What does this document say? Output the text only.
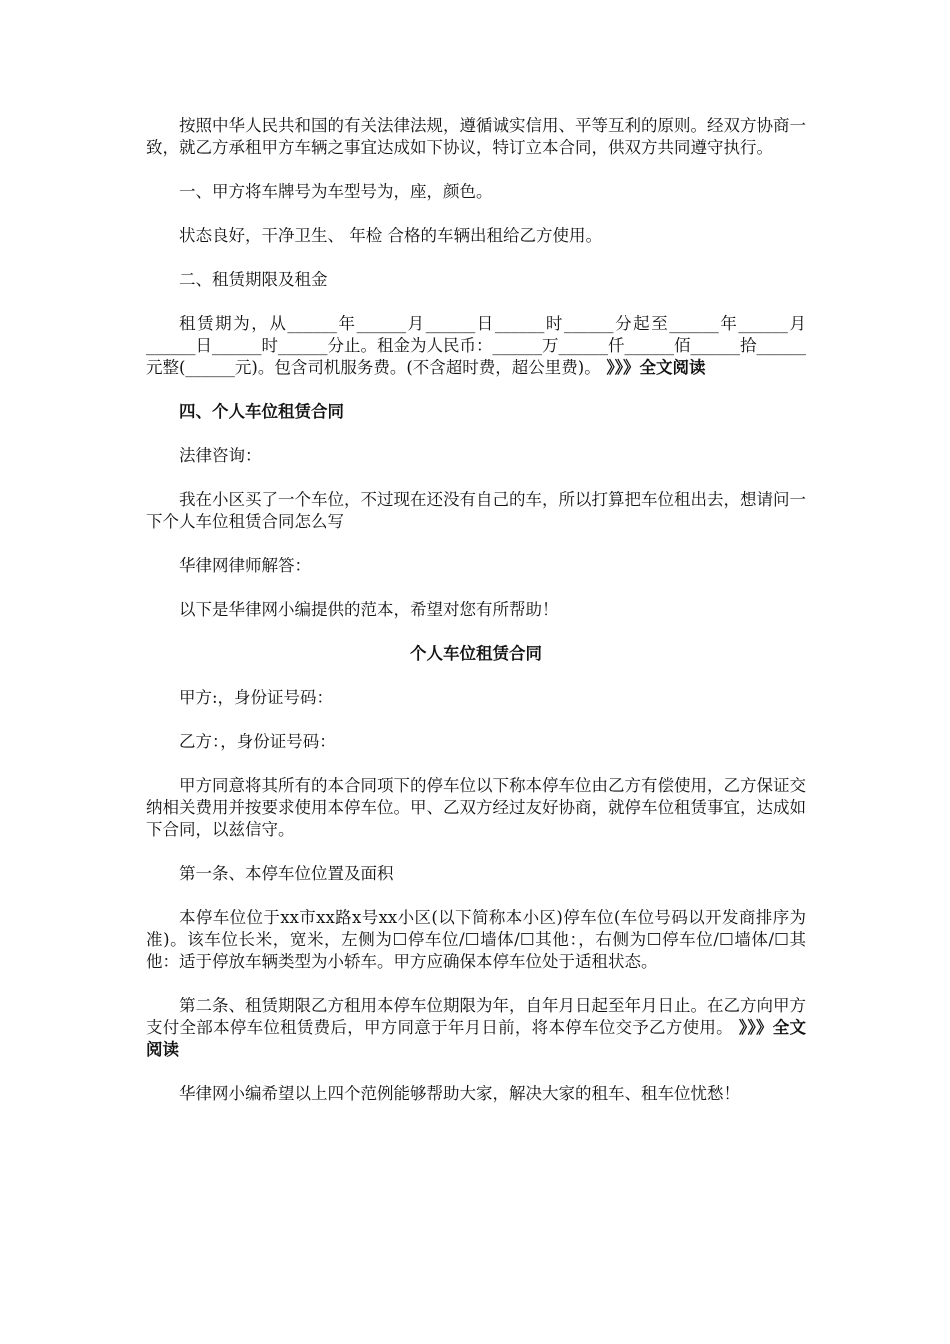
按照中华人民共和国的有关法律法规，遵循诚实信用、平等互利的原则。经双方协商一致，就乙方承租甲方车辆之事宜达成如下协议，特订立本合同，供双方共同遵守执行。

一、甲方将车牌号为车型号为，座，颜色。

状态良好，干净卫生、 年检 合格的车辆出租给乙方使用。

二、租赁期限及租金

租赁期为，从______年______月______日______时______分起至______年______月______日______时______分止。租金为人民币：______万______仟______佰______拾______元整(______元)。包含司机服务费。(不含超时费，超公里费)。 》》》全文阅读

四、个人车位租赁合同

法律咨询：

我在小区买了一个车位，不过现在还没有自己的车，所以打算把车位租出去，想请问一下个人车位租赁合同怎么写

华律网律师解答：

以下是华律网小编提供的范本，希望对您有所帮助！

个人车位租赁合同

甲方:，身份证号码：

乙方：，身份证号码：

甲方同意将其所有的本合同项下的停车位以下称本停车位由乙方有偿使用，乙方保证交纳相关费用并按要求使用本停车位。甲、乙双方经过友好协商，就停车位租赁事宜，达成如下合同，以兹信守。

第一条、本停车位位置及面积

本停车位位于xx市xx路x号xx小区(以下简称本小区)停车位(车位号码以开发商排序为准)。该车位长米，宽米，左侧为☐停车位/☐墙体/☐其他：，右侧为☐停车位/☐墙体/☐其他：适于停放车辆类型为小轿车。甲方应确保本停车位处于适租状态。

第二条、租赁期限乙方租用本停车位期限为年，自年月日起至年月日止。在乙方向甲方支付全部本停车位租赁费后，甲方同意于年月日前，将本停车位交予乙方使用。 》》》全文阅读

华律网小编希望以上四个范例能够帮助大家，解决大家的租车、租车位忧愁！
